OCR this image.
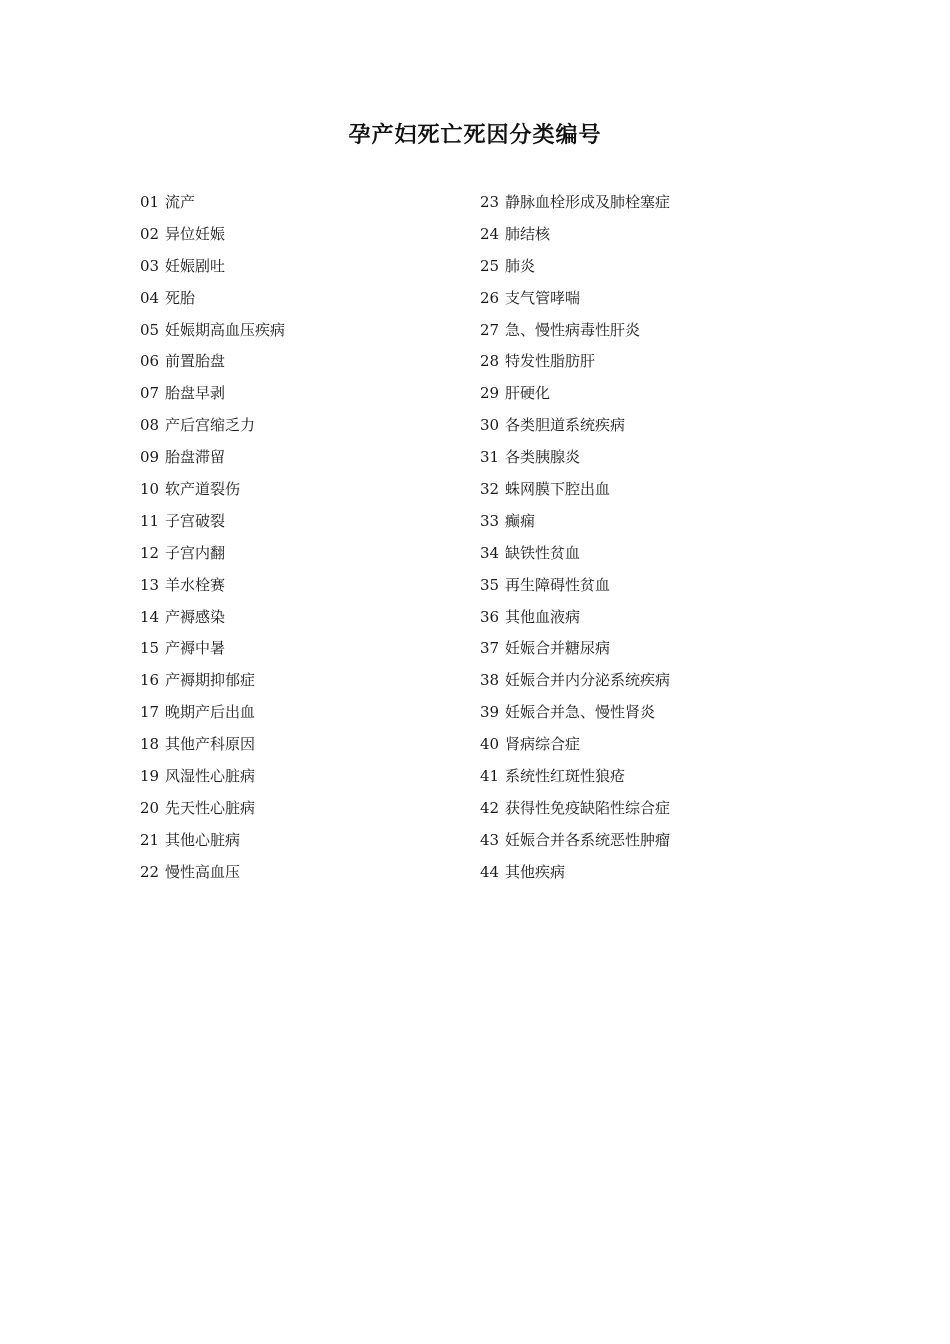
孕产妇死亡死因分类编号
01 流产
02 异位妊娠
03 妊娠剧吐
04 死胎
05 妊娠期高血压疾病
06 前置胎盘
07 胎盘早剥
08 产后宫缩乏力
09 胎盘滞留
10 软产道裂伤
11 子宫破裂
12 子宫内翻
13 羊水栓赛
14 产褥感染
15 产褥中暑
16 产褥期抑郁症
17 晚期产后出血
18 其他产科原因
19 风湿性心脏病
20 先天性心脏病
21 其他心脏病
22 慢性高血压
23 静脉血栓形成及肺栓塞症
24 肺结核
25 肺炎
26 支气管哮喘
27 急、慢性病毒性肝炎
28 特发性脂肪肝
29 肝硬化
30 各类胆道系统疾病
31 各类胰腺炎
32 蛛网膜下腔出血
33 癫痫
34 缺铁性贫血
35 再生障碍性贫血
36 其他血液病
37 妊娠合并糖尿病
38 妊娠合并内分泌系统疾病
39 妊娠合并急、慢性肾炎
40 肾病综合症
41 系统性红斑性狼疮
42 获得性免疫缺陷性综合症
43 妊娠合并各系统恶性肿瘤
44 其他疾病
